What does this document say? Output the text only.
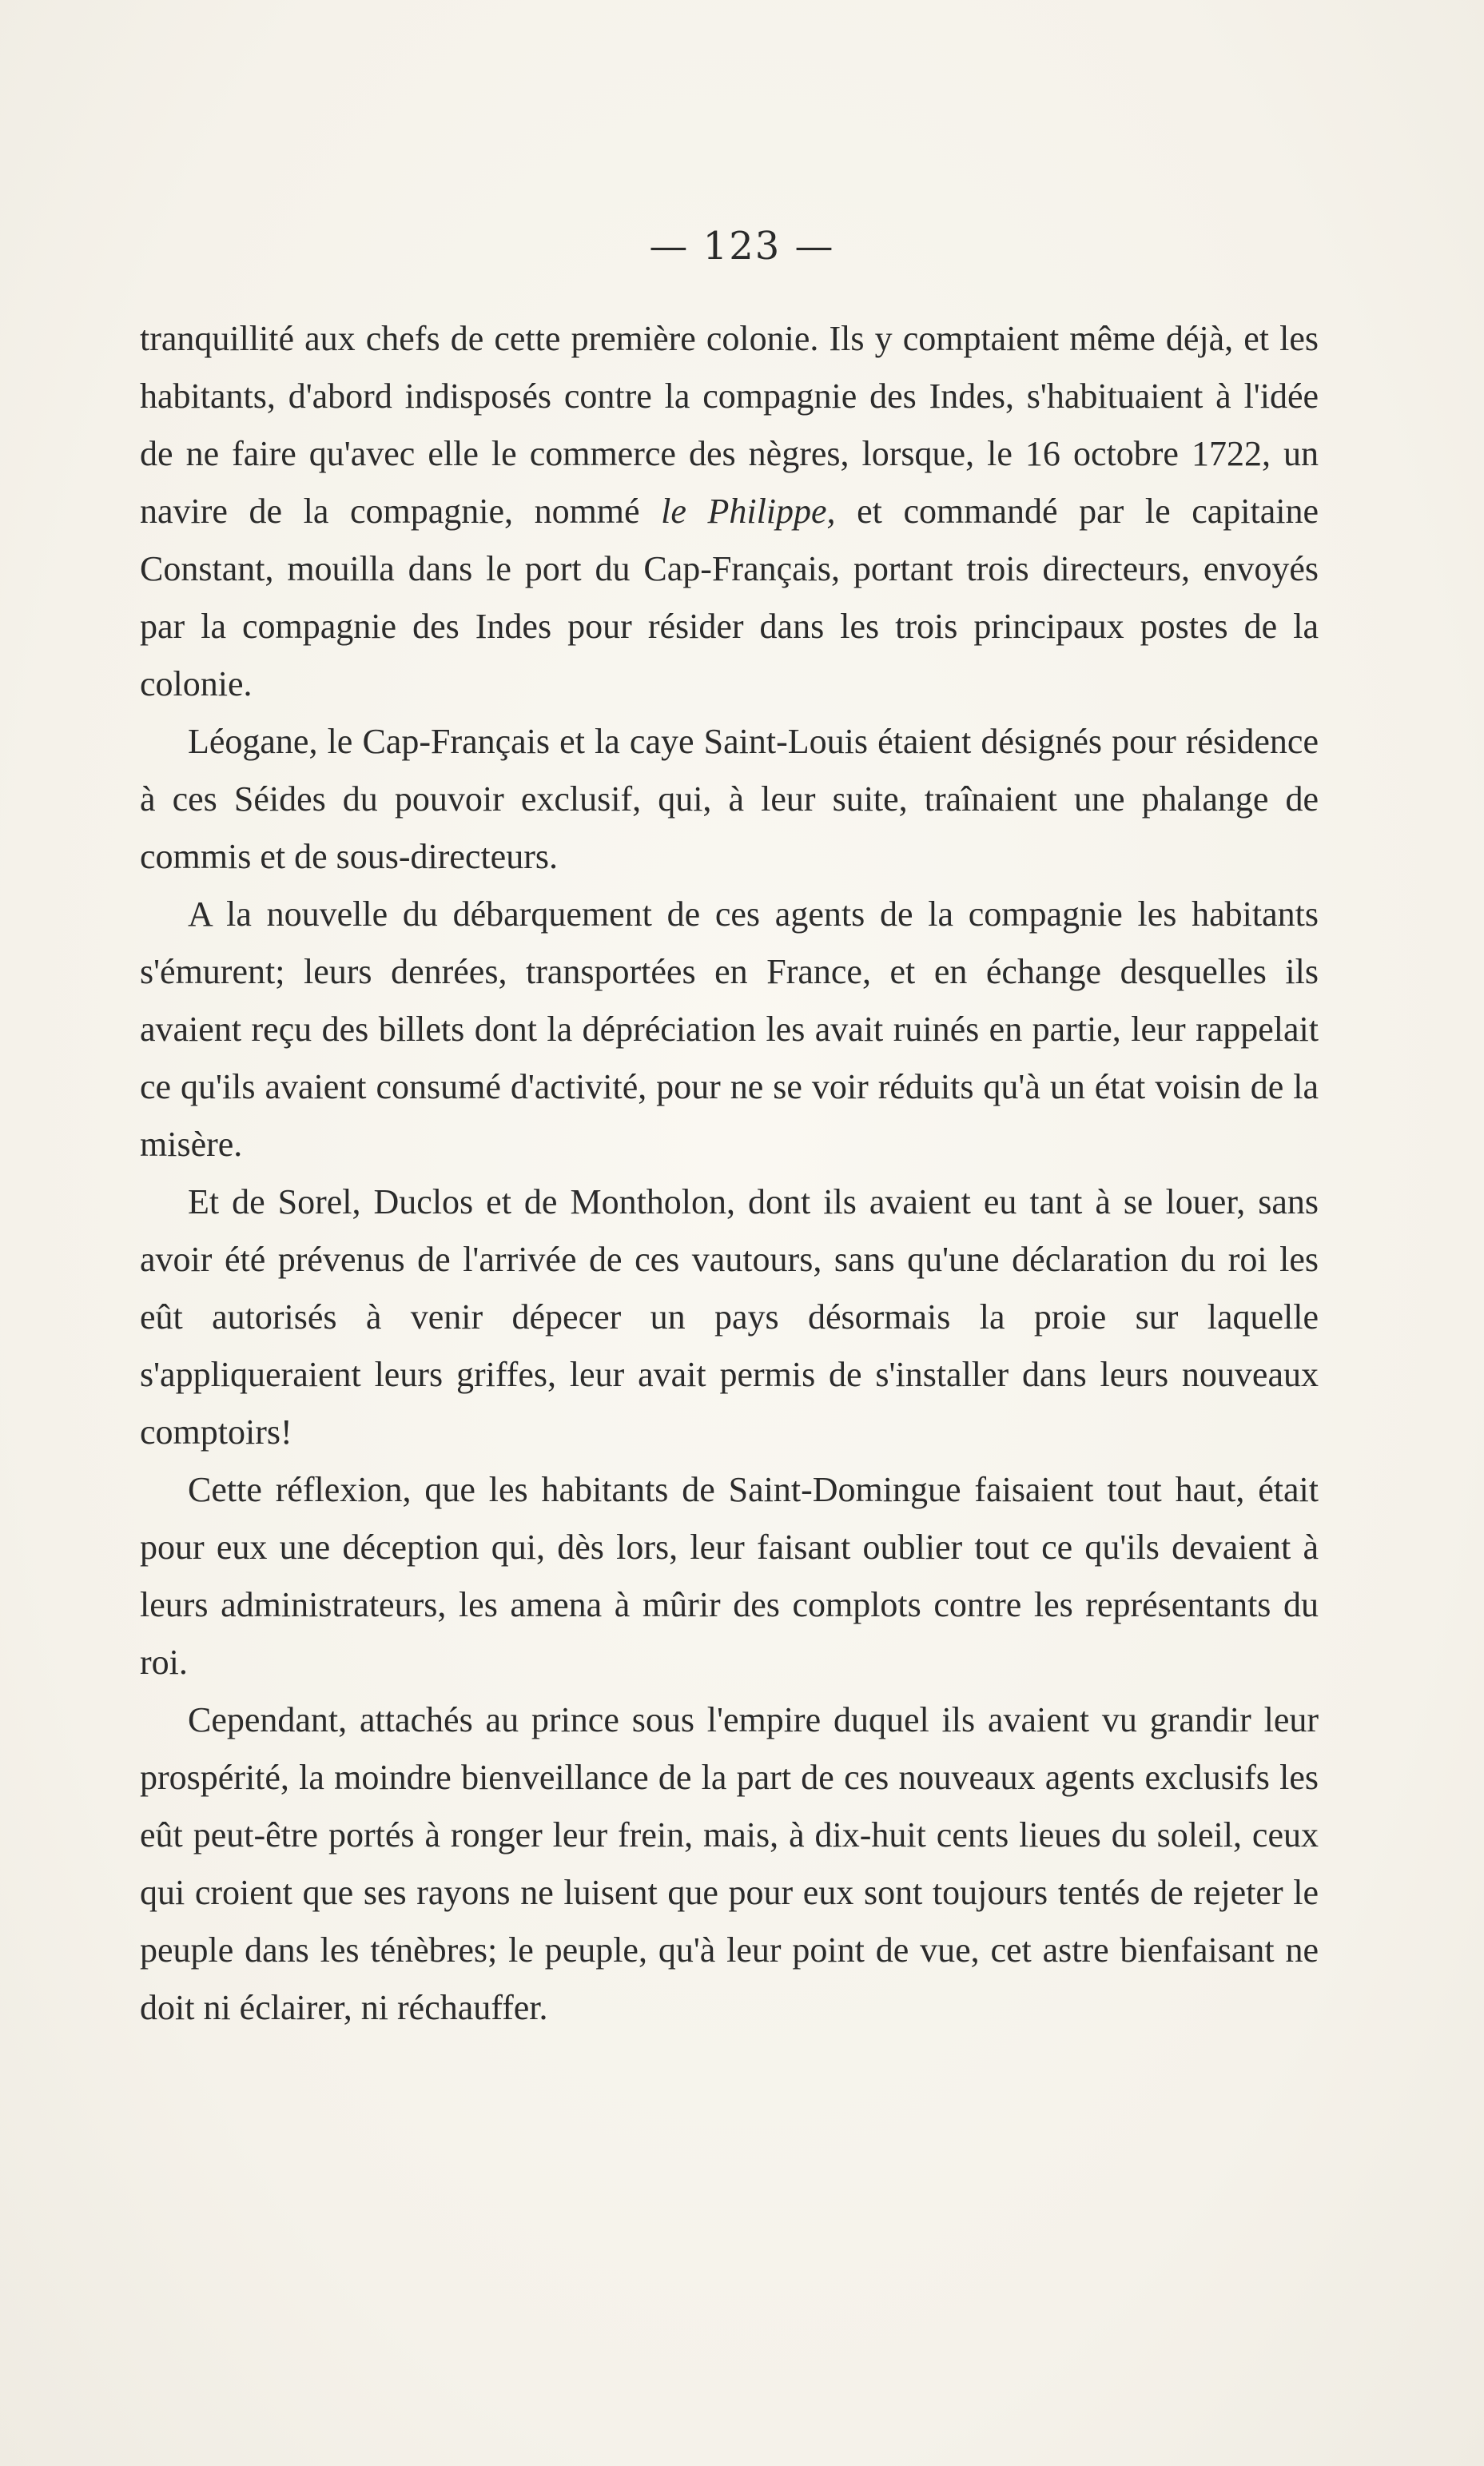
— 123 —

tranquillité aux chefs de cette première colonie. Ils y comptaient même déjà, et les habitants, d'abord indisposés contre la compagnie des Indes, s'habituaient à l'idée de ne faire qu'avec elle le commerce des nègres, lorsque, le 16 octobre 1722, un navire de la compagnie, nommé le Philippe, et commandé par le capitaine Constant, mouilla dans le port du Cap-Français, portant trois directeurs, envoyés par la compagnie des Indes pour résider dans les trois principaux postes de la colonie.

Léogane, le Cap-Français et la caye Saint-Louis étaient désignés pour résidence à ces Séides du pouvoir exclusif, qui, à leur suite, traînaient une phalange de commis et de sous-directeurs.

A la nouvelle du débarquement de ces agents de la compagnie les habitants s'émurent; leurs denrées, transportées en France, et en échange desquelles ils avaient reçu des billets dont la dépréciation les avait ruinés en partie, leur rappelait ce qu'ils avaient consumé d'activité, pour ne se voir réduits qu'à un état voisin de la misère.

Et de Sorel, Duclos et de Montholon, dont ils avaient eu tant à se louer, sans avoir été prévenus de l'arrivée de ces vautours, sans qu'une déclaration du roi les eût autorisés à venir dépecer un pays désormais la proie sur laquelle s'appliqueraient leurs griffes, leur avait permis de s'installer dans leurs nouveaux comptoirs!

Cette réflexion, que les habitants de Saint-Domingue faisaient tout haut, était pour eux une déception qui, dès lors, leur faisant oublier tout ce qu'ils devaient à leurs administrateurs, les amena à mûrir des complots contre les représentants du roi.

Cependant, attachés au prince sous l'empire duquel ils avaient vu grandir leur prospérité, la moindre bienveillance de la part de ces nouveaux agents exclusifs les eût peut-être portés à ronger leur frein, mais, à dix-huit cents lieues du soleil, ceux qui croient que ses rayons ne luisent que pour eux sont toujours tentés de rejeter le peuple dans les ténèbres; le peuple, qu'à leur point de vue, cet astre bienfaisant ne doit ni éclairer, ni réchauffer.
